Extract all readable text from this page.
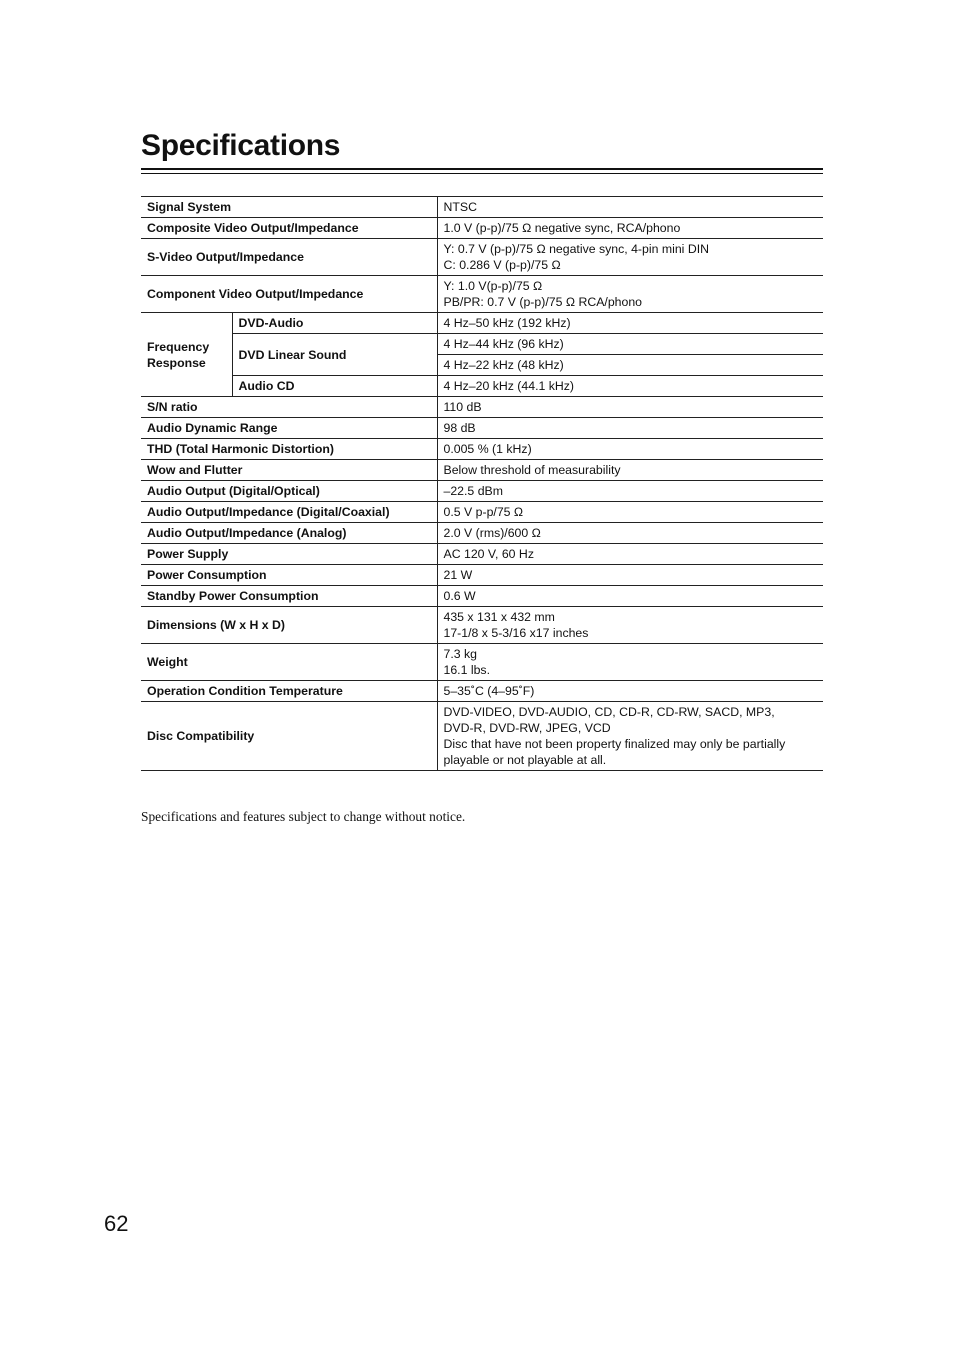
Specifications
Signal System		NTSC
Composite Video Output/Impedance		1.0 V (p-p)/75 Ω negative sync, RCA/phono
S-Video Output/Impedance		Y: 0.7 V (p-p)/75 Ω negative sync, 4-pin mini DIN
C: 0.286 V (p-p)/75 Ω

Component Video Output/Impedance		Y: 1.0 V(p-p)/75 Ω
PB/PR: 0.7 V (p-p)/75 Ω RCA/phono

Frequency
Response	DVD-Audio	4 Hz–50 kHz (192 kHz)
	DVD Linear Sound	4 Hz–44 kHz (96 kHz)
		4 Hz–22 kHz (48 kHz)
	Audio CD	4 Hz–20 kHz (44.1 kHz)
S/N ratio		110 dB
Audio Dynamic Range		98 dB
THD (Total Harmonic Distortion)		0.005 % (1 kHz)
Wow and Flutter		Below threshold of measurability
Audio Output (Digital/Optical)		–22.5 dBm
Audio Output/Impedance (Digital/Coaxial)		0.5 V p-p/75 Ω
Audio Output/Impedance (Analog)		2.0 V (rms)/600 Ω
Power Supply		AC 120 V, 60 Hz
Power Consumption		21 W
Standby Power Consumption		0.6 W
Dimensions (W x H x D)		435 x 131 x 432 mm
17-1/8 x 5-3/16 x17 inches

Weight		7.3 kg
16.1 lbs.

Operation Condition Temperature		5–35˚C (4–95˚F)
Disc Compatibility		DVD-VIDEO, DVD-AUDIO, CD, CD-R, CD-RW, SACD, MP3,
DVD-R, DVD-RW, JPEG, VCD
Disc that have not been property finalized may only be partially
playable or not playable at all.
Specifications and features subject to change without notice.
62
